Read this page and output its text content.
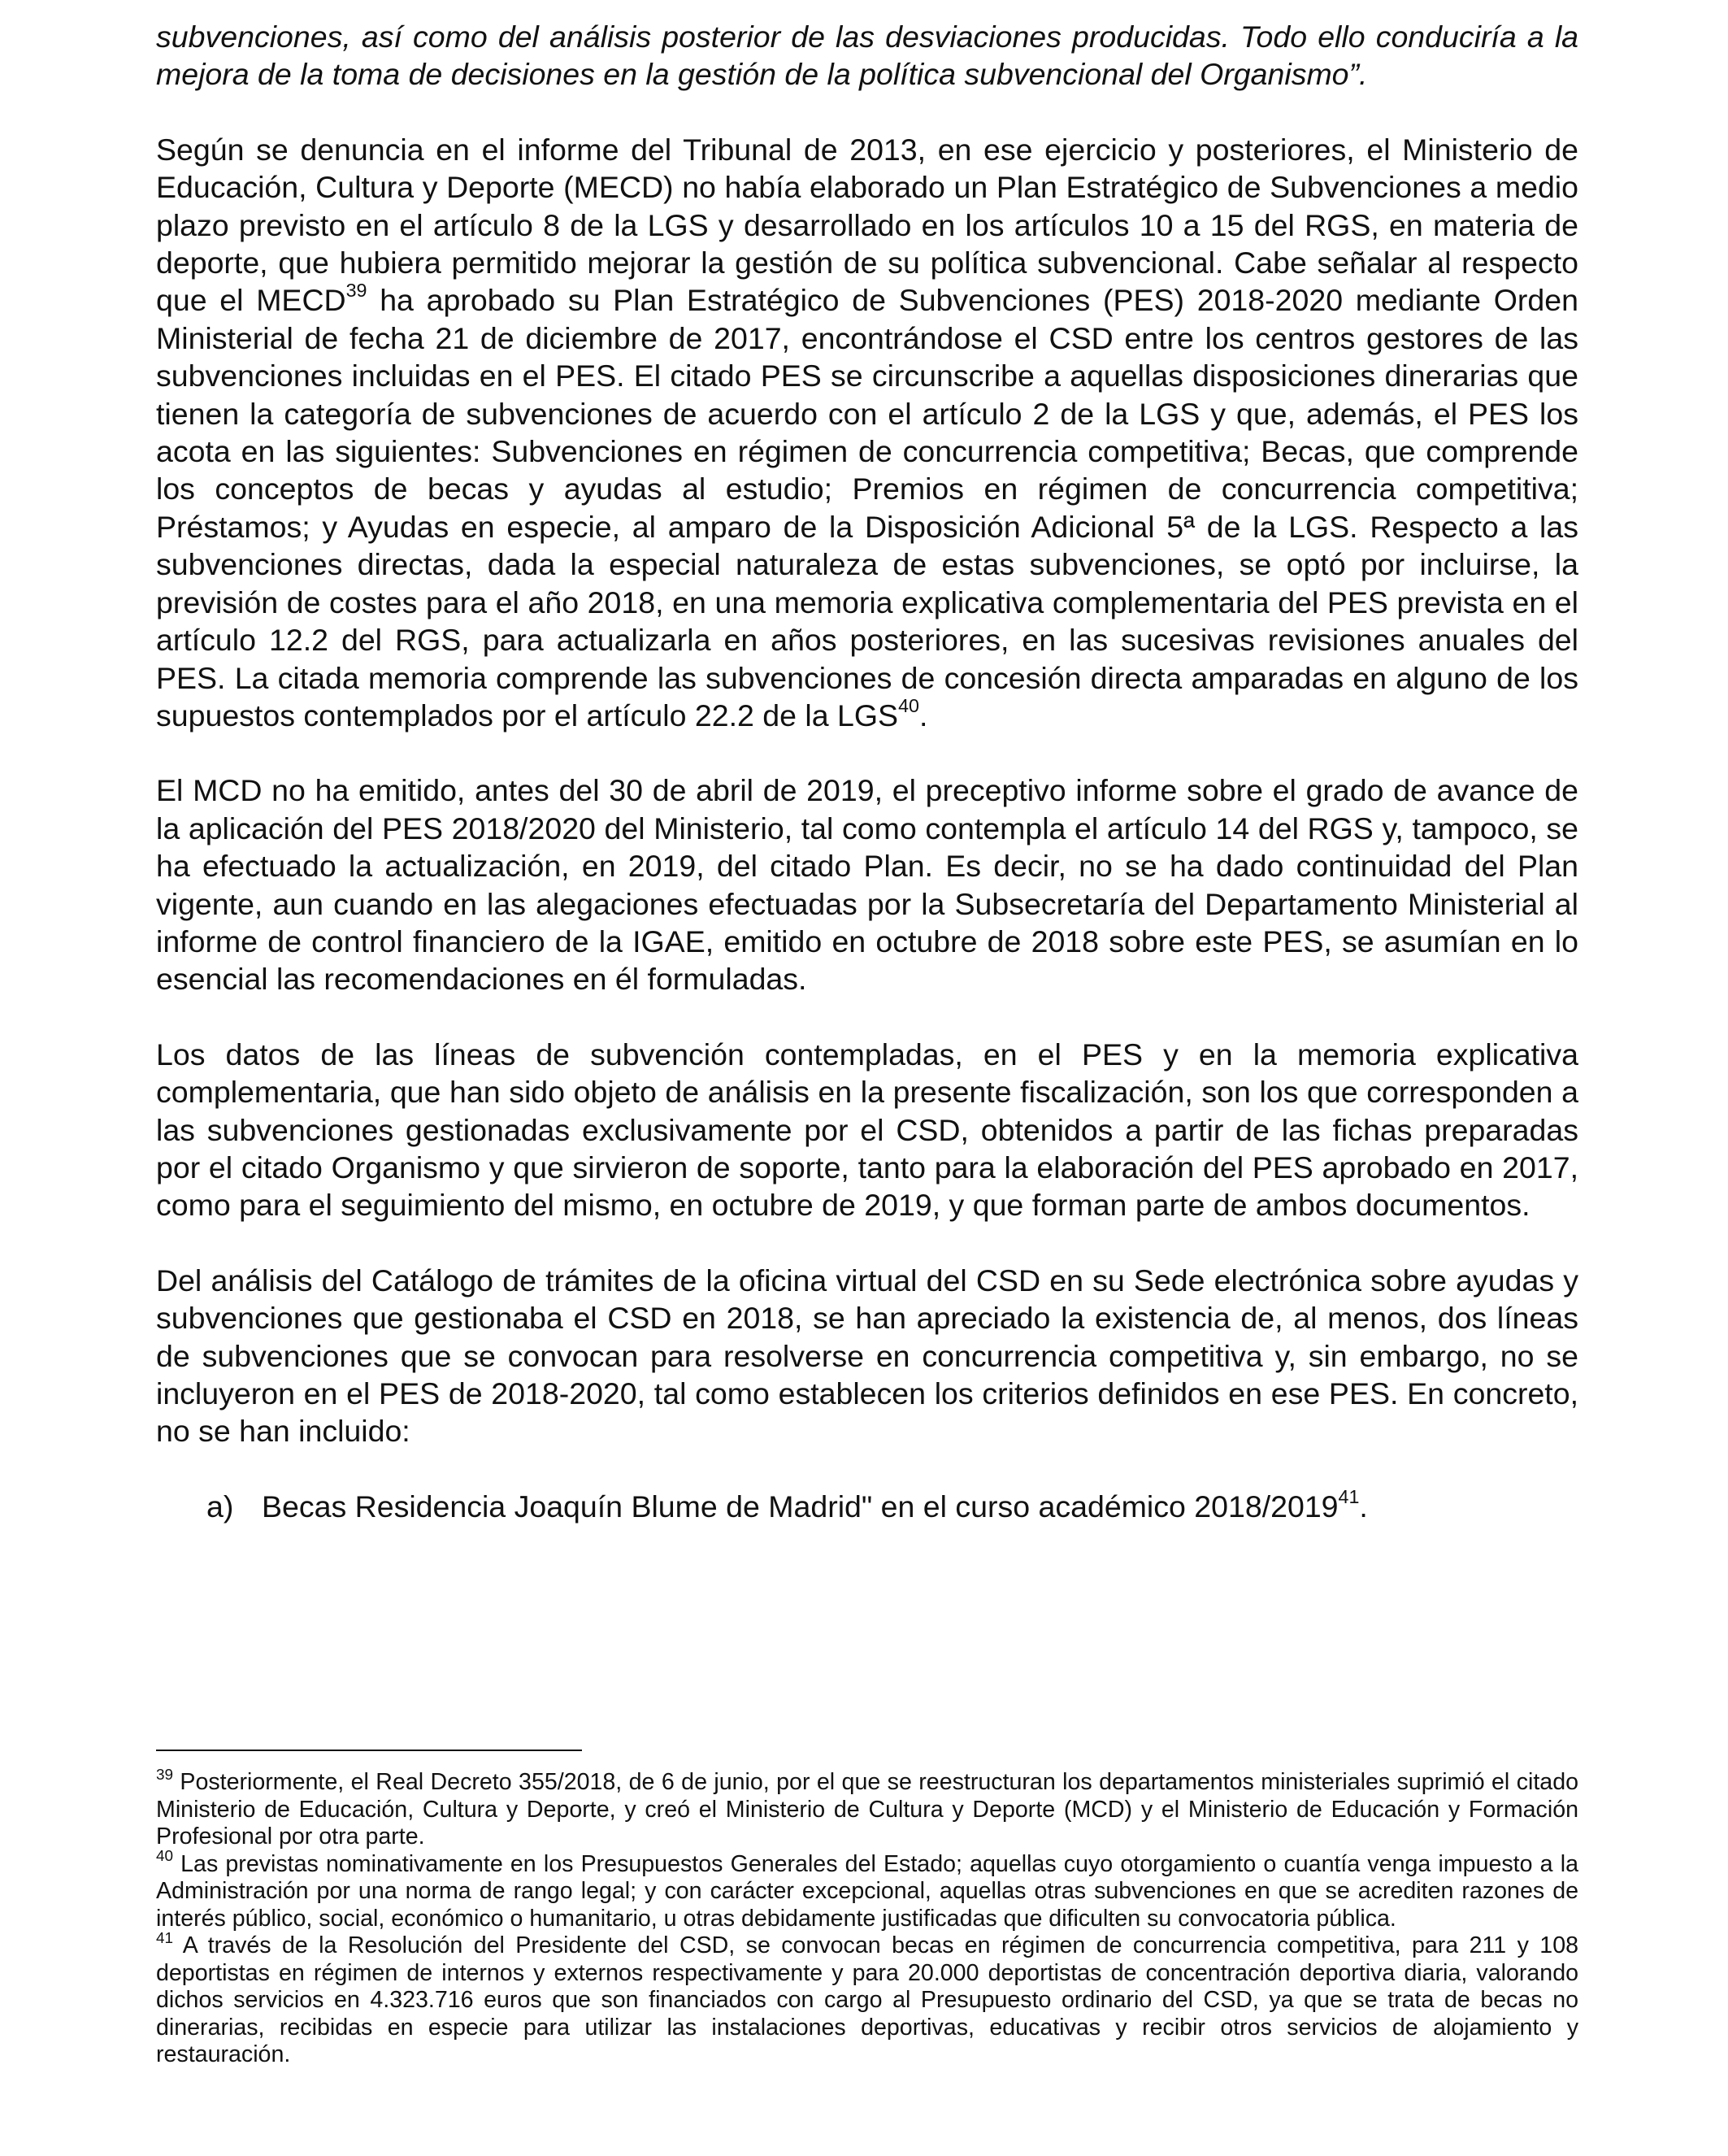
subvenciones, así como del análisis posterior de las desviaciones producidas. Todo ello conduciría a la mejora de la toma de decisiones en la gestión de la política subvencional del Organismo”.

Según se denuncia en el informe del Tribunal de 2013, en ese ejercicio y posteriores, el Ministerio de Educación, Cultura y Deporte (MECD) no había elaborado un Plan Estratégico de Subvenciones a medio plazo previsto en el artículo 8 de la LGS y desarrollado en los artículos 10 a 15 del RGS, en materia de deporte, que hubiera permitido mejorar la gestión de su política subvencional. Cabe señalar al respecto que el MECD$^{39}$ ha aprobado su Plan Estratégico de Subvenciones (PES) 2018-2020 mediante Orden Ministerial de fecha 21 de diciembre de 2017, encontrándose el CSD entre los centros gestores de las subvenciones incluidas en el PES. El citado PES se circunscribe a aquellas disposiciones dinerarias que tienen la categoría de subvenciones de acuerdo con el artículo 2 de la LGS y que, además, el PES los acota en las siguientes: Subvenciones en régimen de concurrencia competitiva; Becas, que comprende los conceptos de becas y ayudas al estudio; Premios en régimen de concurrencia competitiva; Préstamos; y Ayudas en especie, al amparo de la Disposición Adicional 5ª de la LGS. Respecto a las subvenciones directas, dada la especial naturaleza de estas subvenciones, se optó por incluirse, la previsión de costes para el año 2018, en una memoria explicativa complementaria del PES prevista en el artículo 12.2 del RGS, para actualizarla en años posteriores, en las sucesivas revisiones anuales del PES. La citada memoria comprende las subvenciones de concesión directa amparadas en alguno de los supuestos contemplados por el artículo 22.2 de la LGS$^{40}$.

El MCD no ha emitido, antes del 30 de abril de 2019, el preceptivo informe sobre el grado de avance de la aplicación del PES 2018/2020 del Ministerio, tal como contempla el artículo 14 del RGS y, tampoco, se ha efectuado la actualización, en 2019, del citado Plan. Es decir, no se ha dado continuidad del Plan vigente, aun cuando en las alegaciones efectuadas por la Subsecretaría del Departamento Ministerial al informe de control financiero de la IGAE, emitido en octubre de 2018 sobre este PES, se asumían en lo esencial las recomendaciones en él formuladas.

Los datos de las líneas de subvención contempladas, en el PES y en la memoria explicativa complementaria, que han sido objeto de análisis en la presente fiscalización, son los que corresponden a las subvenciones gestionadas exclusivamente por el CSD, obtenidos a partir de las fichas preparadas por el citado Organismo y que sirvieron de soporte, tanto para la elaboración del PES aprobado en 2017, como para el seguimiento del mismo, en octubre de 2019, y que forman parte de ambos documentos.

Del análisis del Catálogo de trámites de la oficina virtual del CSD en su Sede electrónica sobre ayudas y subvenciones que gestionaba el CSD en 2018, se han apreciado la existencia de, al menos, dos líneas de subvenciones que se convocan para resolverse en concurrencia competitiva y, sin embargo, no se incluyeron en el PES de 2018-2020, tal como establecen los criterios definidos en ese PES. En concreto, no se han incluido:

a) Becas Residencia Joaquín Blume de Madrid" en el curso académico 2018/2019$^{41}$.

$^{39}$ Posteriormente, el Real Decreto 355/2018, de 6 de junio, por el que se reestructuran los departamentos ministeriales suprimió el citado Ministerio de Educación, Cultura y Deporte, y creó el Ministerio de Cultura y Deporte (MCD) y el Ministerio de Educación y Formación Profesional por otra parte.

$^{40}$ Las previstas nominativamente en los Presupuestos Generales del Estado; aquellas cuyo otorgamiento o cuantía venga impuesto a la Administración por una norma de rango legal; y con carácter excepcional, aquellas otras subvenciones en que se acrediten razones de interés público, social, económico o humanitario, u otras debidamente justificadas que dificulten su convocatoria pública.

$^{41}$ A través de la Resolución del Presidente del CSD, se convocan becas en régimen de concurrencia competitiva, para 211 y 108 deportistas en régimen de internos y externos respectivamente y para 20.000 deportistas de concentración deportiva diaria, valorando dichos servicios en 4.323.716 euros que son financiados con cargo al Presupuesto ordinario del CSD, ya que se trata de becas no dinerarias, recibidas en especie para utilizar las instalaciones deportivas, educativas y recibir otros servicios de alojamiento y restauración.
